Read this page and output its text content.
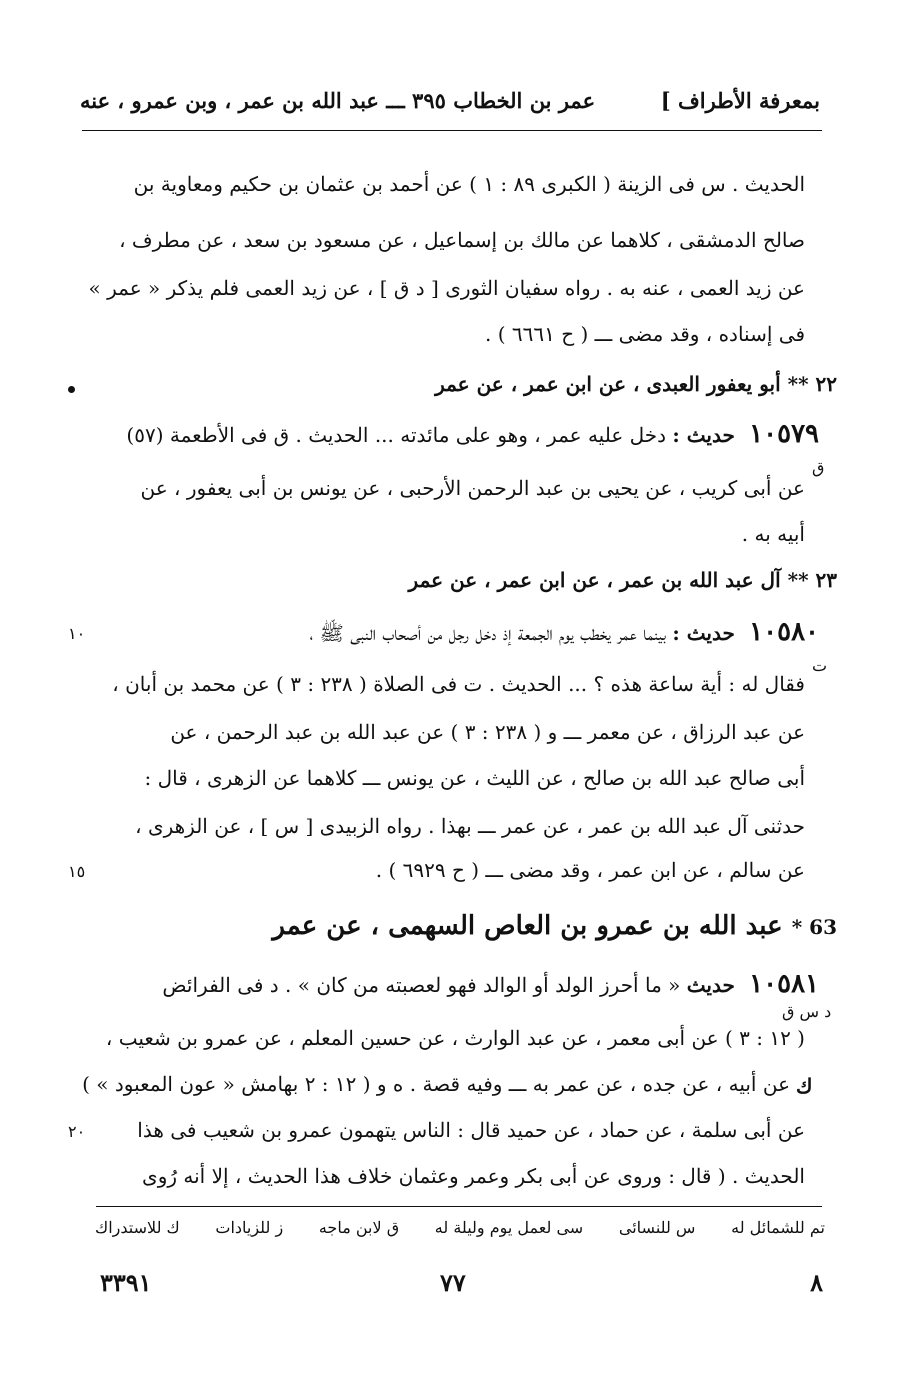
بمعرفة الأطراف ]
عمر بن الخطاب ٣٩٥ ـــ عبد الله بن عمر ، وبن عمرو ، عنه
الحديث . س فى الزينة ( الكبرى ٨٩ : ١ ) عن أحمد بن عثمان بن حكيم ومعاوية بن
صالح الدمشقى ، كلاهما عن مالك بن إسماعيل ، عن مسعود بن سعد ، عن مطرف ،
عن زيد العمى ، عنه به . رواه سفيان الثورى [ د ق ] ، عن زيد العمى فلم يذكر « عمر »
فى إسناده ، وقد مضى ـــ ( ح ٦٦٦١ ) .
٢٢ ** أبو يعفور العبدى ، عن ابن عمر ، عن عمر
١٠٥٧٩ حديث : دخل عليه عمر ، وهو على مائدته ... الحديث . ق فى الأطعمة (٥٧)
ق
عن أبى كريب ، عن يحيى بن عبد الرحمن الأرحبى ، عن يونس بن أبى يعفور ، عن
أبيه به .
٢٣ ** آل عبد الله بن عمر ، عن ابن عمر ، عن عمر
١٠٥٨٠ حديث : بينما عمر يخطب يوم الجمعة إذ دخل رجل من أصحاب النبى ﷺ ،
١٠
ت
فقال له : أية ساعة هذه ؟ ... الحديث . ت فى الصلاة ( ٢٣٨ : ٣ ) عن محمد بن أبان ،
عن عبد الرزاق ، عن معمر ـــ و ( ٢٣٨ : ٣ ) عن عبد الله بن عبد الرحمن ، عن
أبى صالح عبد الله بن صالح ، عن الليث ، عن يونس ـــ كلاهما عن الزهرى ، قال :
حدثنى آل عبد الله بن عمر ، عن عمر ـــ بهذا . رواه الزبيدى [ س ] ، عن الزهرى ،
عن سالم ، عن ابن عمر ، وقد مضى ـــ ( ح ٦٩٢٩ ) .
١٥
63 * عبد الله بن عمرو بن العاص السهمى ، عن عمر
١٠٥٨١ حديث « ما أحرز الولد أو الوالد فهو لعصبته من كان » . د فى الفرائض
د س ق
( ١٢ : ٣ ) عن أبى معمر ، عن عبد الوارث ، عن حسين المعلم ، عن عمرو بن شعيب ،
ك
عن أبيه ، عن جده ، عن عمر به ـــ وفيه قصة . ه و ( ١٢ : ٢ بهامش « عون المعبود » )
عن أبى سلمة ، عن حماد ، عن حميد قال : الناس يتهمون عمرو بن شعيب فى هذا
٢٠
الحديث . ( قال : وروى عن أبى بكر وعمر وعثمان خلاف هذا الحديث ، إلا أنه رُوى
تم للشمائل له
س للنسائى
سى لعمل يوم وليلة له
ق لابن ماجه
ز للزيادات
ك للاستدراك
٨
٧٧
٣٣٩١
